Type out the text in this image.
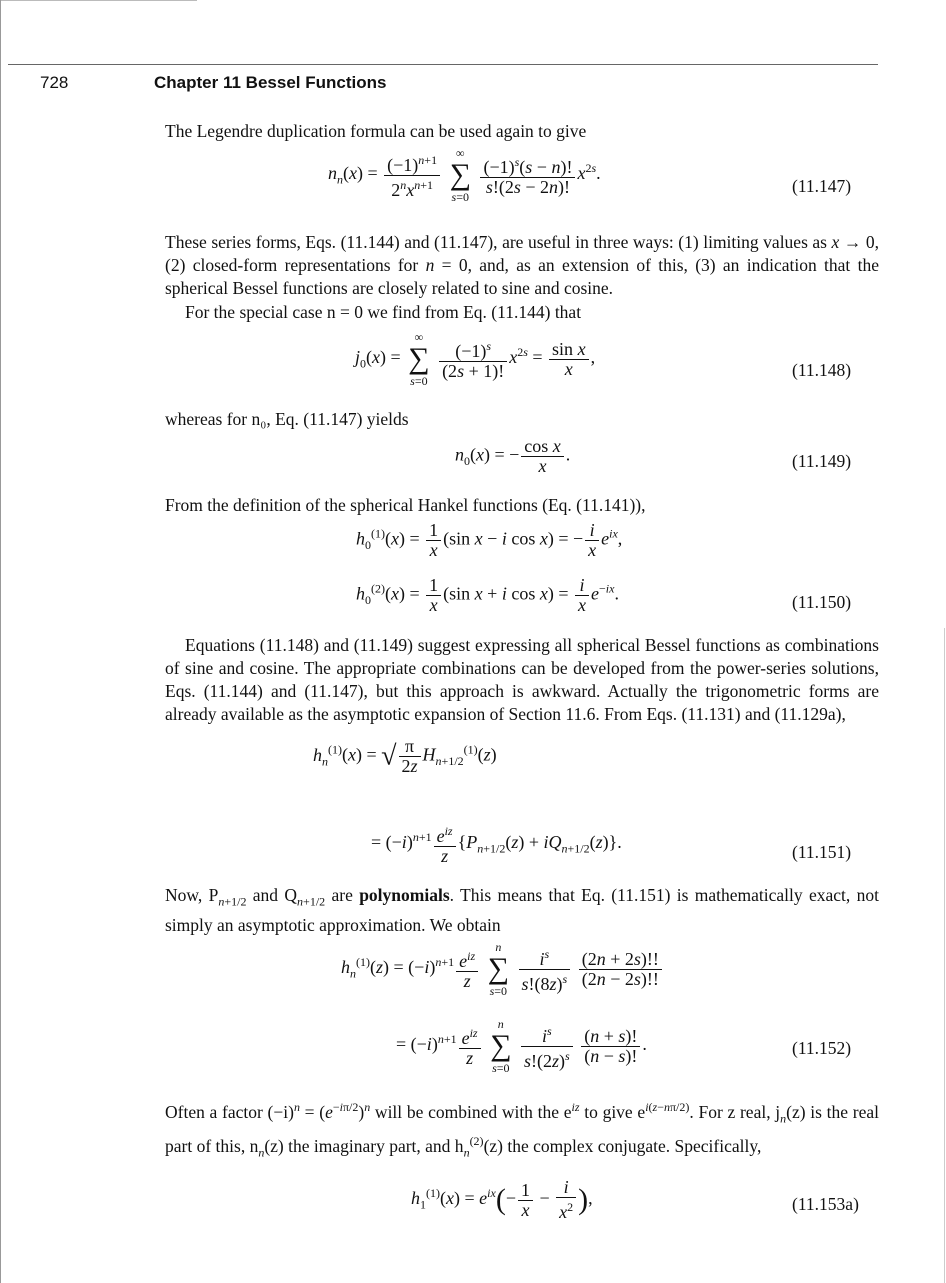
728	Chapter 11 Bessel Functions
The Legendre duplication formula can be used again to give
$n_n(x) = \frac{(-1)^{n+1}}{2^nx^{n+1}}$
	∞
∑
s=0
$\frac{(-1)^s(s - n)!}{s!(2s - 2n)!} x^{2s}$.
(11.147)
These series forms, Eqs. (11.144) and (11.147), are useful in three ways: (1) limiting values as x → 0, (2) closed-form representations for n = 0, and, as an extension of this, (3) an indication that the spherical Bessel functions are closely related to sine and cosine.
For the special case n = 0 we find from Eq. (11.144) that
$j_0(x)$ =
∞
∑
s=0
$\frac{(-1)^s}{(2s + 1)!} x^{2s} = \frac{\text{sin x}}{x}$ ,
(11.148)
whereas for n₀, Eq. (11.147) yields
$n_0(x)$ = − $\frac{\text{cos x}}{x}$ .	(11.149)
From the definition of the spherical Hankel functions (Eq. (11.141)),
$h_0^{(1)}(x) = \frac{1}{x} (\sin$ x − i cos x) = − $\frac{i}{x} e^{ix}$,
$h_0^{(2)}(x) = \frac{1}{x} (\sin$ x + i $\cos x) = \frac{i}{x} e^{-ix}$.	(11.150)
Equations (11.148) and (11.149) suggest expressing all spherical Bessel functions as combinations of sine and cosine. The appropriate combinations can be developed from the power-series solutions, Eqs. (11.144) and (11.147), but this approach is awkward. Actually the trigonometric forms are already available as the asymptotic expansion of Section 11.6. From Eqs. (11.131) and (11.129a),
$h_n^{(1)}(x)$ = √ $\frac{\pi}{2z} H_{n+1/2}^{(1)}(z)$
= $(-i)^{n+1} \frac{e^{iz}}{z} \{P_{n+1/2}(z) + iQ_{n+1/2}(z)\}$.	(11.151)
Now, $P_{n+1/2}$ and $Q_{n+1/2}$ are polynomials. This means that Eq. (11.151) is mathematically exact, not simply an asymptotic approximation. We obtain
$h_n^{(1)}(z) = (-i)^{n+1} \frac{e^{iz}}{z}$
	n
∑
s=0
$\frac{i^s}{s!(8z)^s}$
$\frac{(2n + 2s)!!}{(2n - 2s)!!}$
= $(-i)^{n+1} \frac{e^{iz}}{z}$
	n
∑
s=0
$\frac{i^s}{s!(2z)^s}$
$\frac{(n + s)!}{(n - s)!}$ .	(11.152)
Often a factor $(-i)^n = (e^{-i\pi/2})^n$ will be combined with the $e^{iz}$ to give $e^{i(z-n\pi/2)}$. For z real, $j_n(z)$ is the real part of this, $n_n(z)$ the imaginary part, and $h_n^{(2)}(z)$ the complex conjugate. Specifically,
$h_1^{(1)}(x) = e^{ix}(- \frac{1}{x} - \frac{i}{x^2}$ ),	(11.153a)
